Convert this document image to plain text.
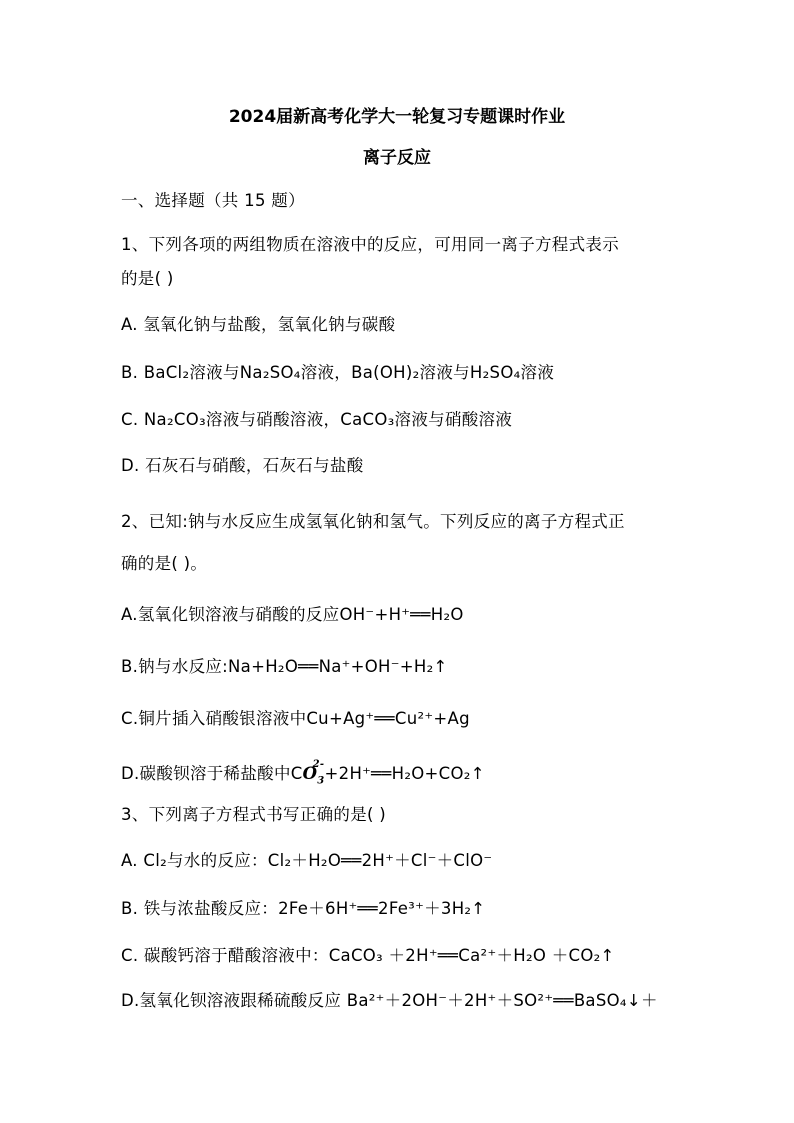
2024届新高考化学大一轮复习专题课时作业
离子反应
一、选择题（共 15 题）
1、下列各项的两组物质在溶液中的反应，可用同一离子方程式表示
的是( )
A. 氢氧化钠与盐酸，氢氧化钠与碳酸
B. BaCl₂溶液与Na₂SO₄溶液，Ba(OH)₂溶液与H₂SO₄溶液
C. Na₂CO₃溶液与硝酸溶液，CaCO₃溶液与硝酸溶液
D. 石灰石与硝酸，石灰石与盐酸
2、已知:钠与水反应生成氢氧化钠和氢气。下列反应的离子方程式正
确的是( )。
A.氢氧化钡溶液与硝酸的反应OH⁻+H⁺══H₂O
B.钠与水反应:Na+H₂O══Na⁺+OH⁻+H₂↑
C.铜片插入硝酸银溶液中Cu+Ag⁺══Cu²⁺+Ag
D.碳酸钡溶于稀盐酸中$CO_3$
2- +2H⁺══H₂O+CO₂↑
3、下列离子方程式书写正确的是( )
A. Cl₂与水的反应：Cl₂＋H₂O══2H⁺＋Cl⁻＋ClO⁻
B. 铁与浓盐酸反应：2Fe＋6H⁺══2Fe³⁺＋3H₂↑
C. 碳酸钙溶于醋酸溶液中：CaCO₃ ＋2H⁺══Ca²⁺＋H₂O ＋CO₂↑
D.氢氧化钡溶液跟稀硫酸反应 Ba²⁺＋2OH⁻＋2H⁺＋SO²⁺══BaSO₄↓＋
